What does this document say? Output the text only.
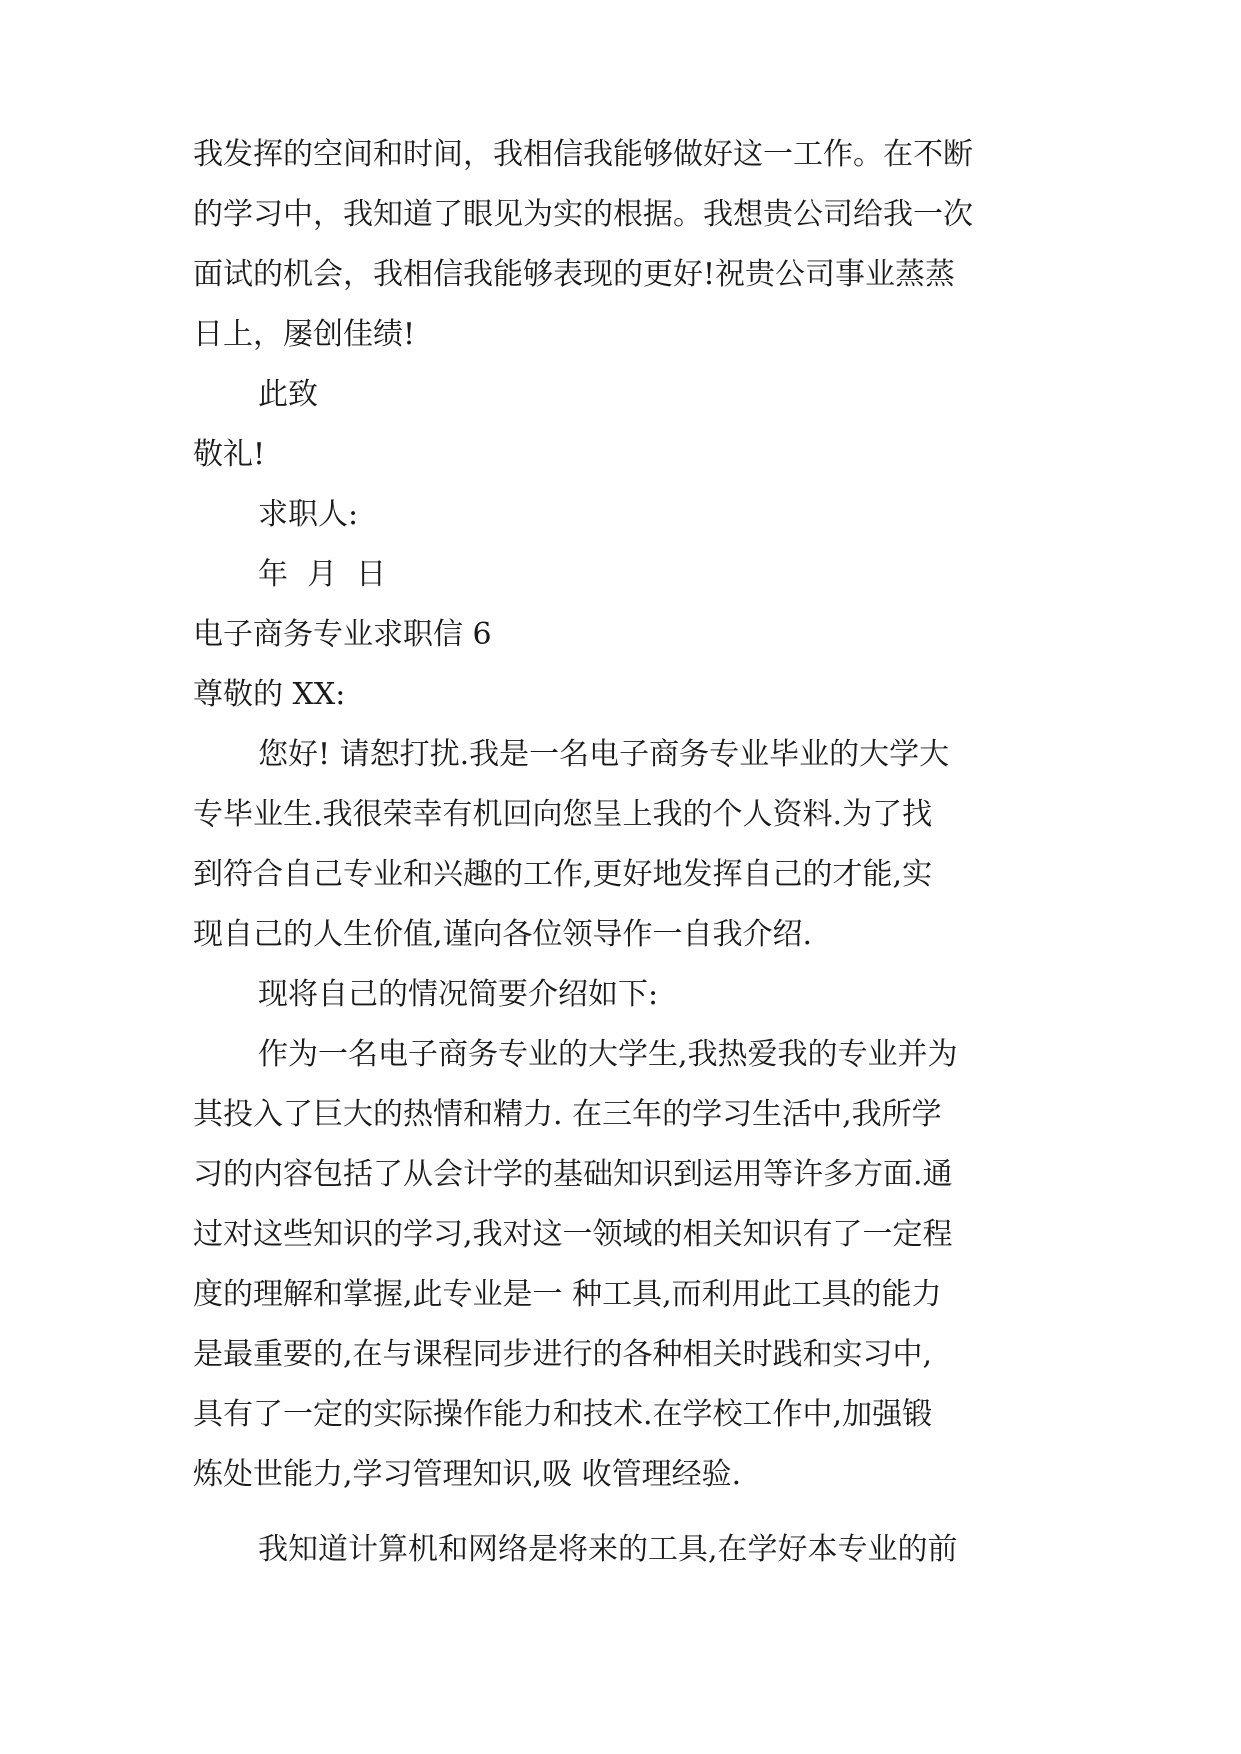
我发挥的空间和时间，我相信我能够做好这一工作。在不断
的学习中，我知道了眼见为实的根据。我想贵公司给我一次
面试的机会，我相信我能够表现的更好!祝贵公司事业蒸蒸
日上，屡创佳绩!
此致
敬礼!
求职人:
年  月  日
电子商务专业求职信 6
尊敬的 XX:
您好! 请恕打扰.我是一名电子商务专业毕业的大学大
专毕业生.我很荣幸有机回向您呈上我的个人资料.为了找
到符合自己专业和兴趣的工作,更好地发挥自己的才能,实
现自己的人生价值,谨向各位领导作一自我介绍.
现将自己的情况简要介绍如下:
作为一名电子商务专业的大学生,我热爱我的专业并为
其投入了巨大的热情和精力. 在三年的学习生活中,我所学
习的内容包括了从会计学的基础知识到运用等许多方面.通
过对这些知识的学习,我对这一领域的相关知识有了一定程
度的理解和掌握,此专业是一 种工具,而利用此工具的能力
是最重要的,在与课程同步进行的各种相关时践和实习中,
具有了一定的实际操作能力和技术.在学校工作中,加强锻
炼处世能力,学习管理知识,吸 收管理经验.
我知道计算机和网络是将来的工具,在学好本专业的前
